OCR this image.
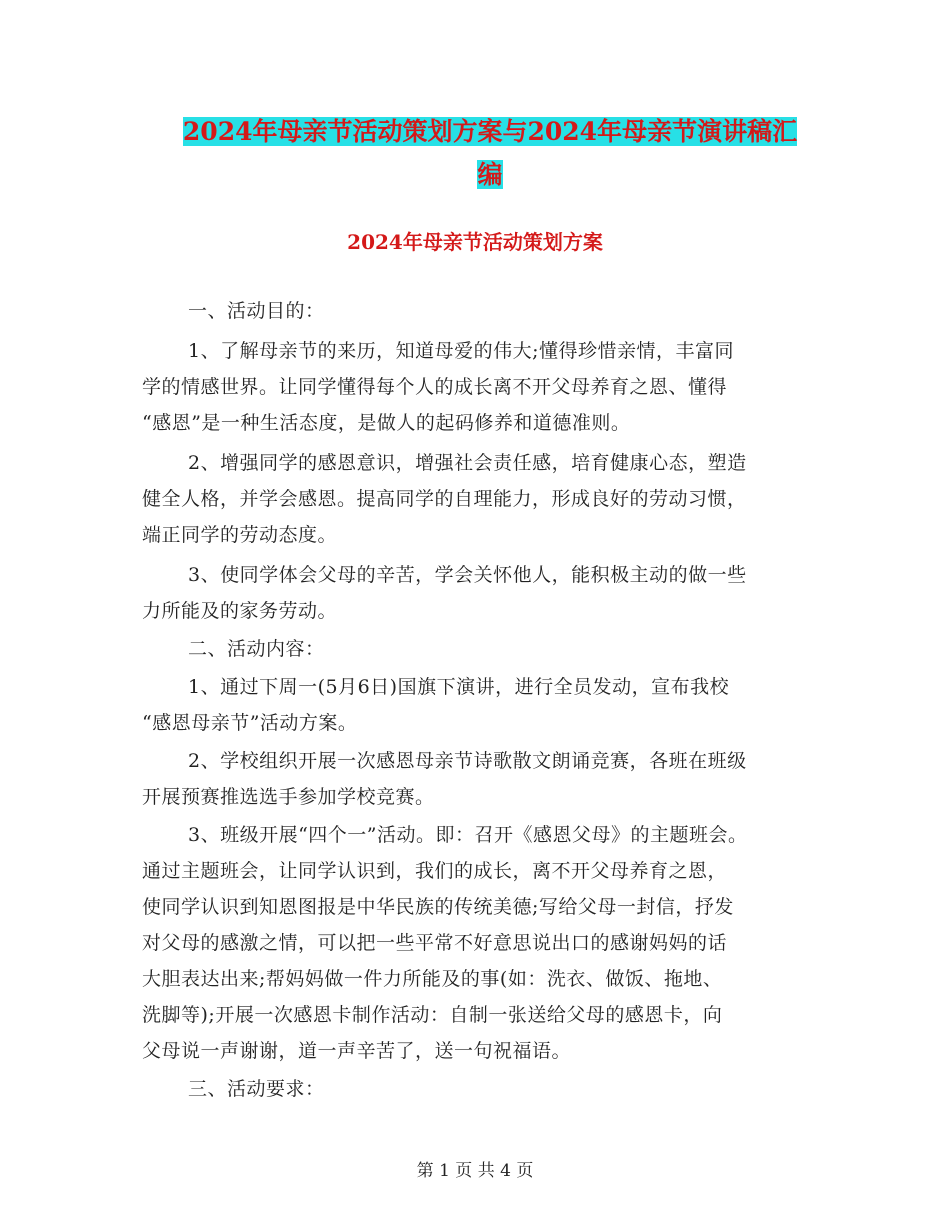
2024年母亲节活动策划方案与2024年母亲节演讲稿汇
编
2024年母亲节活动策划方案
一、活动目的：
1、了解母亲节的来历，知道母爱的伟大;懂得珍惜亲情，丰富同
学的情感世界。让同学懂得每个人的成长离不开父母养育之恩、懂得
“感恩”是一种生活态度，是做人的起码修养和道德准则。
2、增强同学的感恩意识，增强社会责任感，培育健康心态，塑造
健全人格，并学会感恩。提高同学的自理能力，形成良好的劳动习惯，
端正同学的劳动态度。
3、使同学体会父母的辛苦，学会关怀他人，能积极主动的做一些
力所能及的家务劳动。
二、活动内容：
1、通过下周一(5月6日)国旗下演讲，进行全员发动，宣布我校
“感恩母亲节”活动方案。
2、学校组织开展一次感恩母亲节诗歌散文朗诵竞赛，各班在班级
开展预赛推选选手参加学校竞赛。
3、班级开展“四个一”活动。即：召开《感恩父母》的主题班会。
通过主题班会，让同学认识到，我们的成长，离不开父母养育之恩，
使同学认识到知恩图报是中华民族的传统美德;写给父母一封信，抒发
对父母的感激之情，可以把一些平常不好意思说出口的感谢妈妈的话
大胆表达出来;帮妈妈做一件力所能及的事(如：洗衣、做饭、拖地、
洗脚等);开展一次感恩卡制作活动：自制一张送给父母的感恩卡，向
父母说一声谢谢，道一声辛苦了，送一句祝福语。
三、活动要求：
第 1 页 共 4 页
